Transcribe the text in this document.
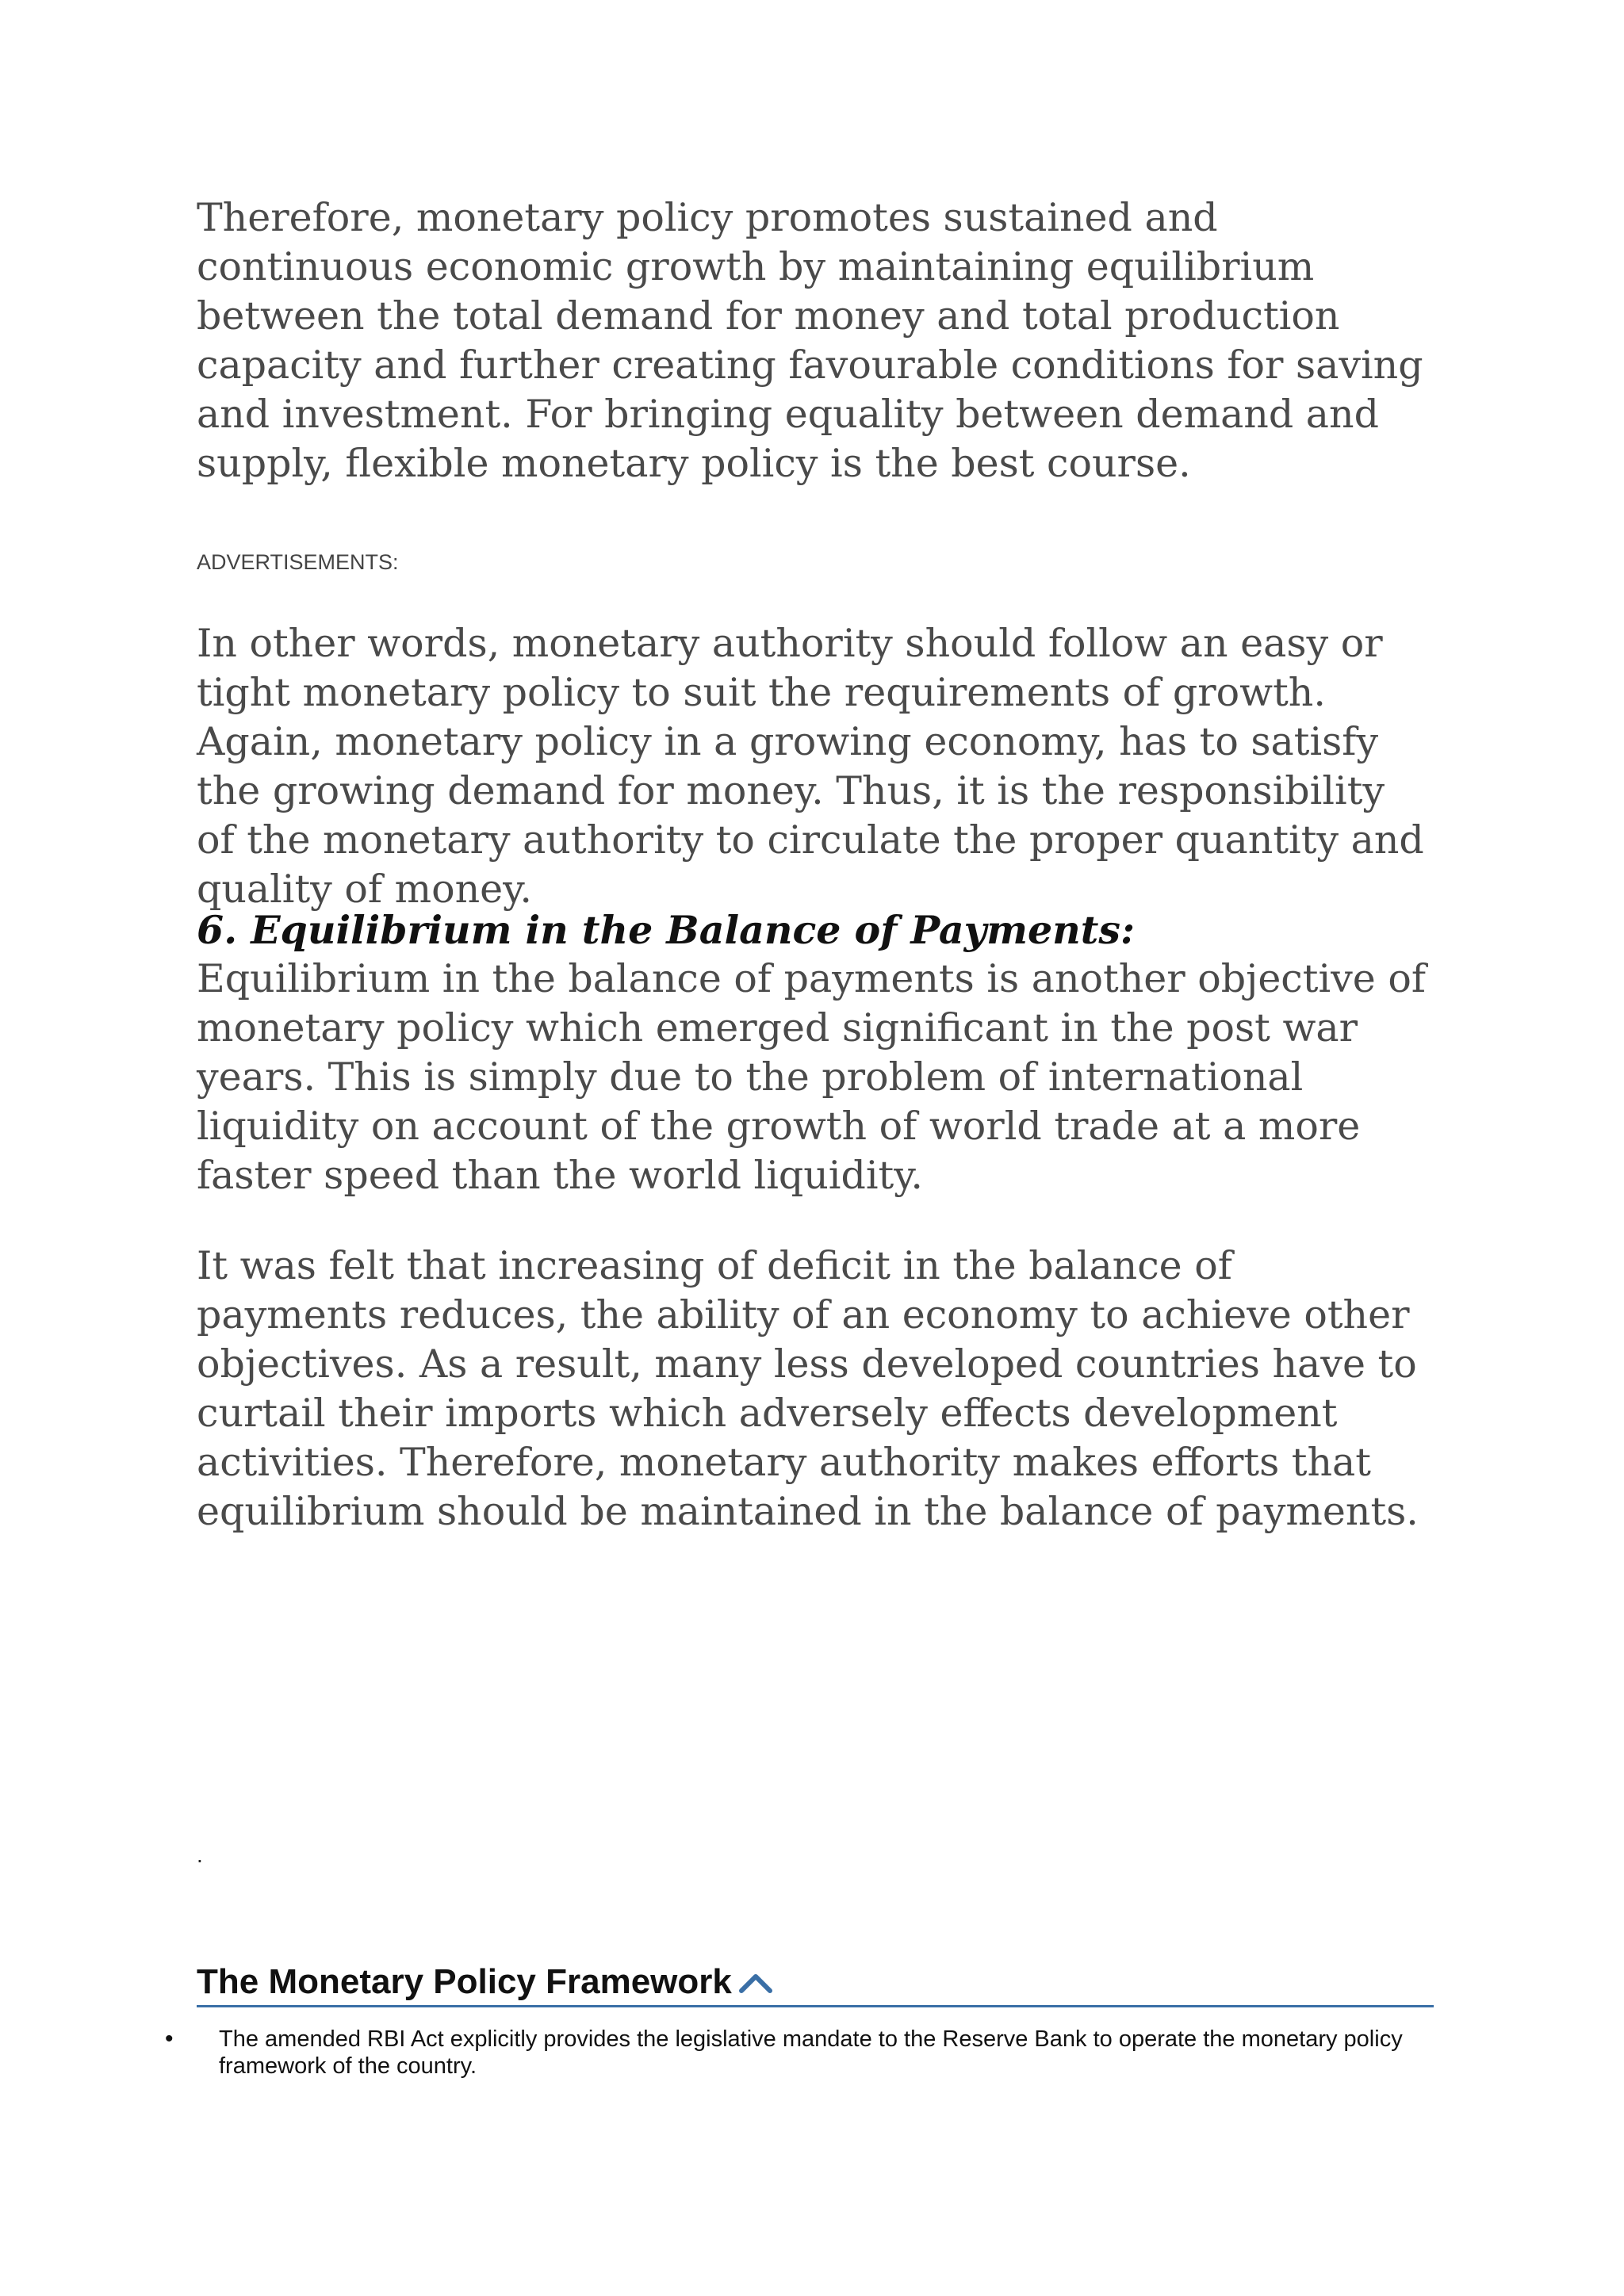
Therefore, monetary policy promotes sustained and continuous economic growth by maintaining equilibrium between the total demand for money and total production capacity and further creating favourable conditions for saving and investment. For bringing equality between demand and supply, flexible monetary policy is the best course.

ADVERTISEMENTS:

In other words, monetary authority should follow an easy or tight monetary policy to suit the requirements of growth. Again, monetary policy in a growing economy, has to satisfy the growing demand for money. Thus, it is the responsibility of the monetary authority to circulate the proper quantity and quality of money.

6. Equilibrium in the Balance of Payments:

Equilibrium in the balance of payments is another objective of monetary policy which emerged significant in the post war years. This is simply due to the problem of international liquidity on account of the growth of world trade at a more faster speed than the world liquidity.

It was felt that increasing of deficit in the balance of payments reduces, the ability of an economy to achieve other objectives. As a result, many less developed countries have to curtail their imports which adversely effects development activities. Therefore, monetary authority makes efforts that equilibrium should be maintained in the balance of payments.

.
The Monetary Policy Framework
•	The amended RBI Act explicitly provides the legislative mandate to the Reserve Bank to operate the monetary policy framework of the country.
